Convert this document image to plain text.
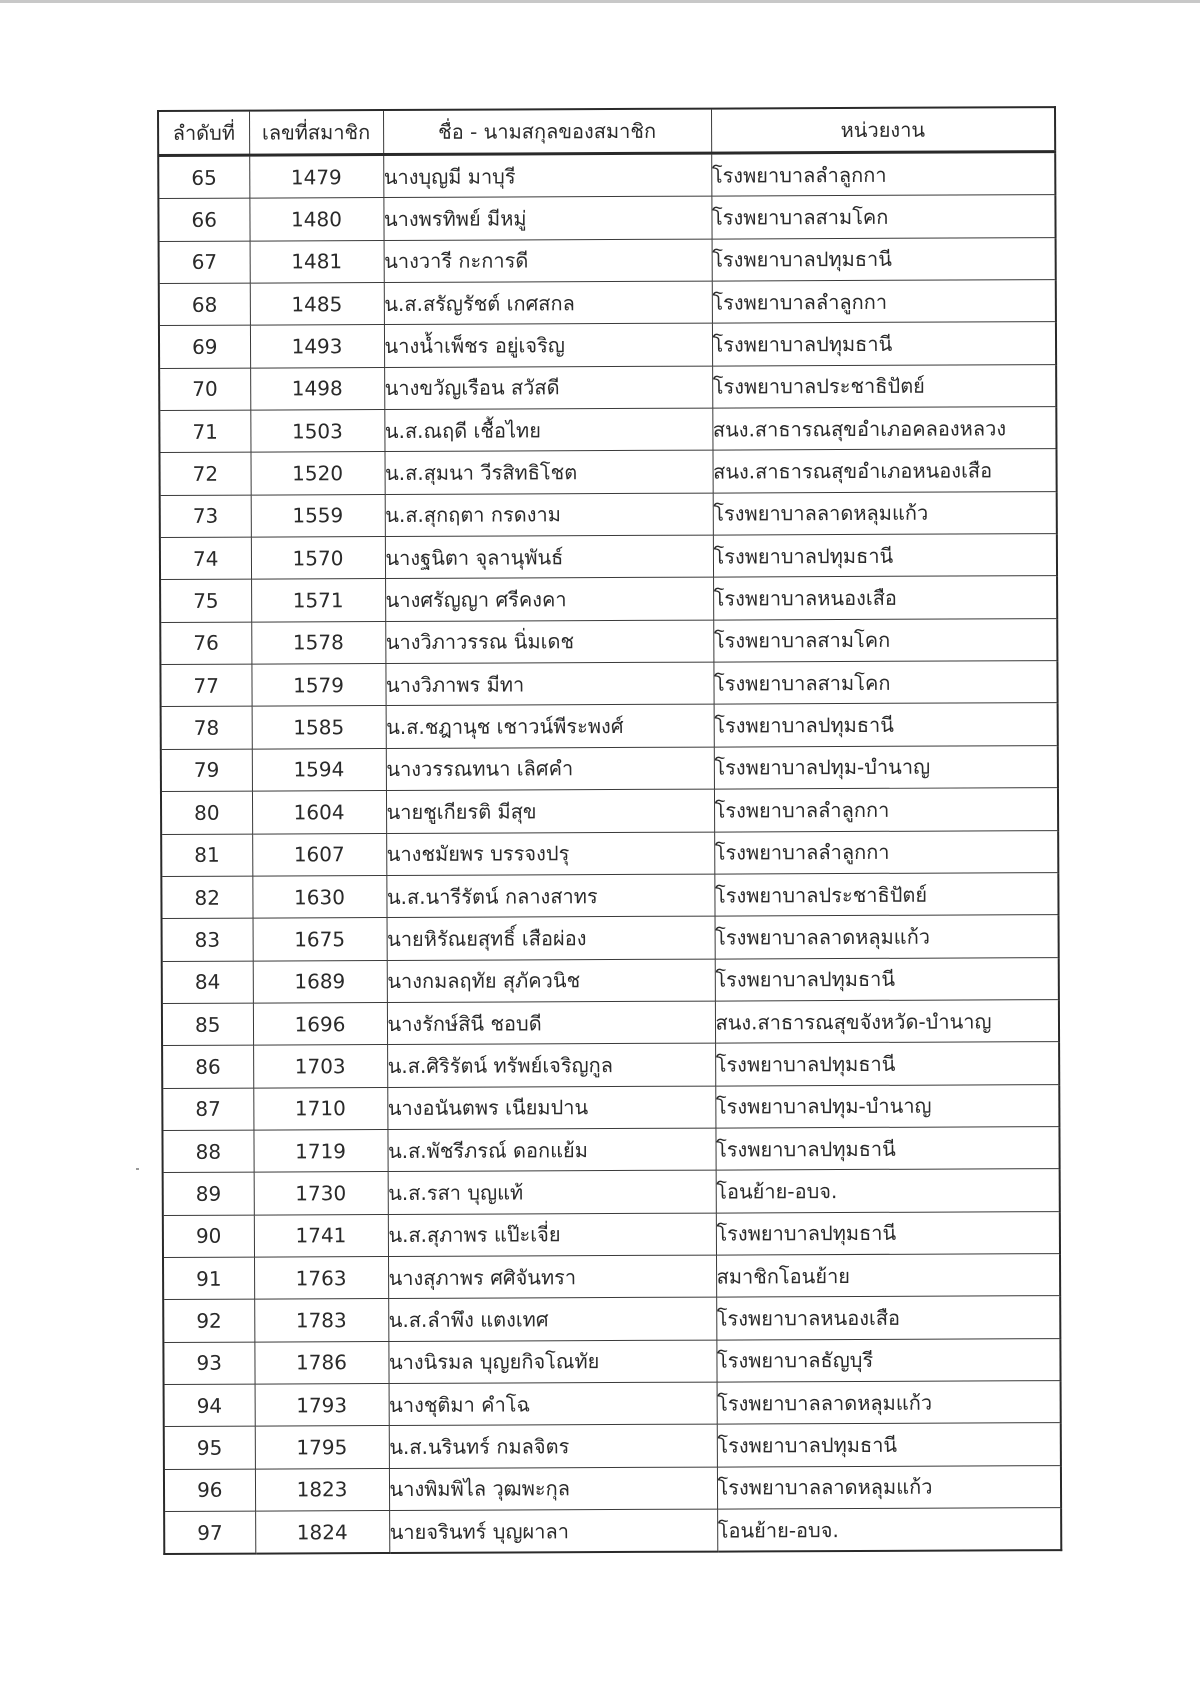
ลำดับที่	เลขที่สมาชิก	ชื่อ - นามสกุลของสมาชิก	หน่วยงาน
65	1479	นางบุญมี มาบุรี	โรงพยาบาลลำลูกกา
66	1480	นางพรทิพย์ มีหมู่	โรงพยาบาลสามโคก
67	1481	นางวารี กะการดี	โรงพยาบาลปทุมธานี
68	1485	น.ส.สรัญรัชต์ เกศสกล	โรงพยาบาลลำลูกกา
69	1493	นางน้ำเพ็ชร อยู่เจริญ	โรงพยาบาลปทุมธานี
70	1498	นางขวัญเรือน สวัสดี	โรงพยาบาลประชาธิปัตย์
71	1503	น.ส.ณฤดี เชื้อไทย	สนง.สาธารณสุขอำเภอคลองหลวง
72	1520	น.ส.สุมนา วีรสิทธิโชต	สนง.สาธารณสุขอำเภอหนองเสือ
73	1559	น.ส.สุกฤตา กรดงาม	โรงพยาบาลลาดหลุมแก้ว
74	1570	นางฐนิตา จุลานุพันธ์	โรงพยาบาลปทุมธานี
75	1571	นางศรัญญา ศรีคงคา	โรงพยาบาลหนองเสือ
76	1578	นางวิภาวรรณ นิ่มเดช	โรงพยาบาลสามโคก
77	1579	นางวิภาพร มีทา	โรงพยาบาลสามโคก
78	1585	น.ส.ชฎานุช เชาวน์พีระพงศ์	โรงพยาบาลปทุมธานี
79	1594	นางวรรณทนา เลิศคำ	โรงพยาบาลปทุม-บำนาญ
80	1604	นายชูเกียรติ มีสุข	โรงพยาบาลลำลูกกา
81	1607	นางชมัยพร บรรจงปรุ	โรงพยาบาลลำลูกกา
82	1630	น.ส.นารีรัตน์ กลางสาทร	โรงพยาบาลประชาธิปัตย์
83	1675	นายหิรัณยสุทธิ์ เสือผ่อง	โรงพยาบาลลาดหลุมแก้ว
84	1689	นางกมลฤทัย สุภัควนิช	โรงพยาบาลปทุมธานี
85	1696	นางรักษ์สินี ชอบดี	สนง.สาธารณสุขจังหวัด-บำนาญ
86	1703	น.ส.ศิริรัตน์ ทรัพย์เจริญกูล	โรงพยาบาลปทุมธานี
87	1710	นางอนันตพร เนียมปาน	โรงพยาบาลปทุม-บำนาญ
88	1719	น.ส.พัชรีภรณ์ ดอกแย้ม	โรงพยาบาลปทุมธานี
89	1730	น.ส.รสา บุญแท้	โอนย้าย-อบจ.
90	1741	น.ส.สุภาพร แป๊ะเจี่ย	โรงพยาบาลปทุมธานี
91	1763	นางสุภาพร ศศิจันทรา	สมาชิกโอนย้าย
92	1783	น.ส.ลำพึง แตงเทศ	โรงพยาบาลหนองเสือ
93	1786	นางนิรมล บุญยกิจโณทัย	โรงพยาบาลธัญบุรี
94	1793	นางชุติมา คำโฉ	โรงพยาบาลลาดหลุมแก้ว
95	1795	น.ส.นรินทร์ กมลจิตร	โรงพยาบาลปทุมธานี
96	1823	นางพิมพิไล วุฒพะกุล	โรงพยาบาลลาดหลุมแก้ว
97	1824	นายจรินทร์ บุญผาลา	โอนย้าย-อบจ.
